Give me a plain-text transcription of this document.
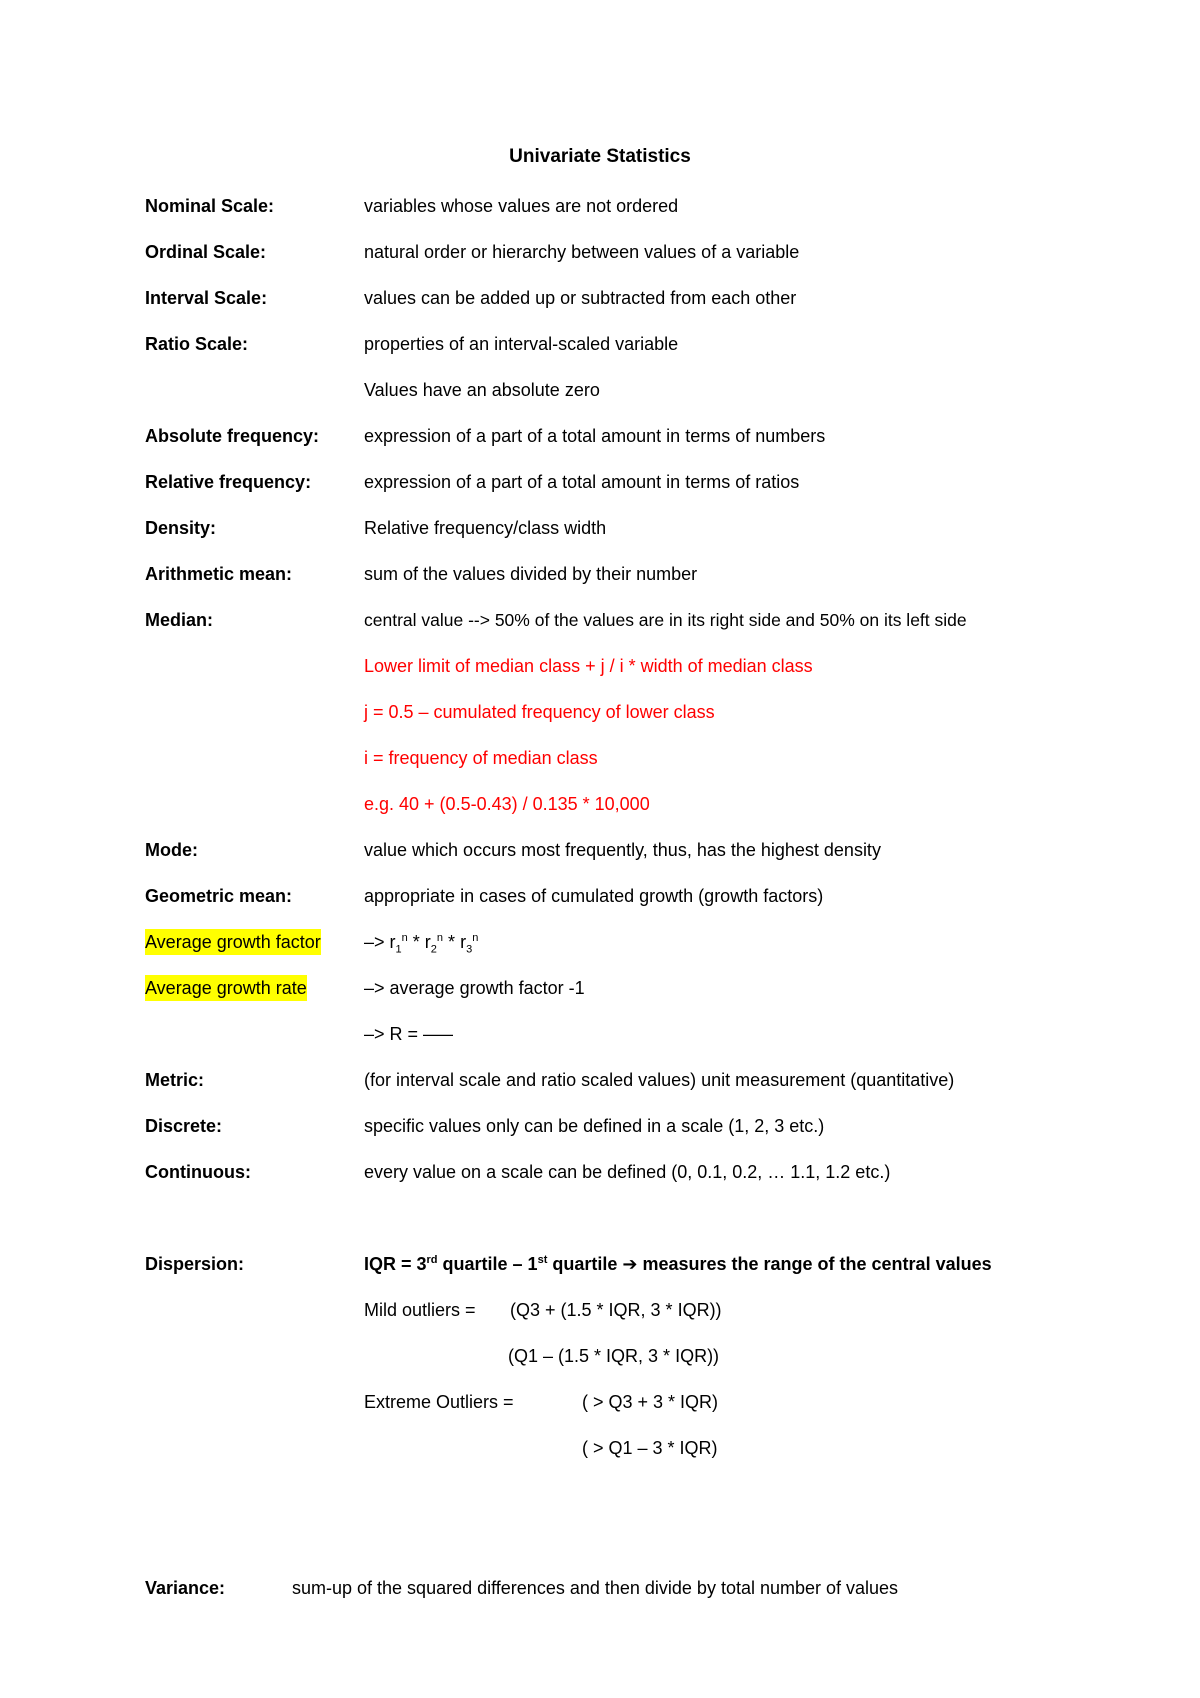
Univariate Statistics
Nominal Scale:	variables whose values are not ordered
Ordinal Scale:	natural order or hierarchy between values of a variable
Interval Scale:	values can be added up or subtracted from each other
Ratio Scale:	properties of an interval-scaled variable
Values have an absolute zero
Absolute frequency: expression of a part of a total amount in terms of numbers
Relative frequency:	expression of a part of a total amount in terms of ratios
Density:	Relative frequency/class width
Arithmetic mean:	sum of the values divided by their number
Median:	central value --> 50% of the values are in its right side and 50% on its left side
Lower limit of median class + j / i * width of median class
j = 0.5 – cumulated frequency of lower class
i = frequency of median class
e.g. 40 + (0.5-0.43) / 0.135 * 10,000
Mode:	value which occurs most frequently, thus, has the highest density
Geometric mean:	appropriate in cases of cumulated growth (growth factors)
Average growth factor –> $r_1^n * r_2^n * r_3^n$
Average growth rate	–> average growth factor -1
–> R = –––
Metric:	(for interval scale and ratio scaled values) unit measurement (quantitative)
Discrete:	specific values only can be defined in a scale (1, 2, 3 etc.)
Continuous:	every value on a scale can be defined (0, 0.1, 0.2, … 1.1, 1.2 etc.)
Dispersion:	IQR = 3rd quartile – 1st quartile ➔ measures the range of the central values
Mild outliers = (Q3 + (1.5 * IQR, 3 * IQR))
(Q1 – (1.5 * IQR, 3 * IQR))
Extreme Outliers =	( > Q3 + 3 * IQR)
( > Q1 – 3 * IQR)
Variance:	sum-up of the squared differences and then divide by total number of values
